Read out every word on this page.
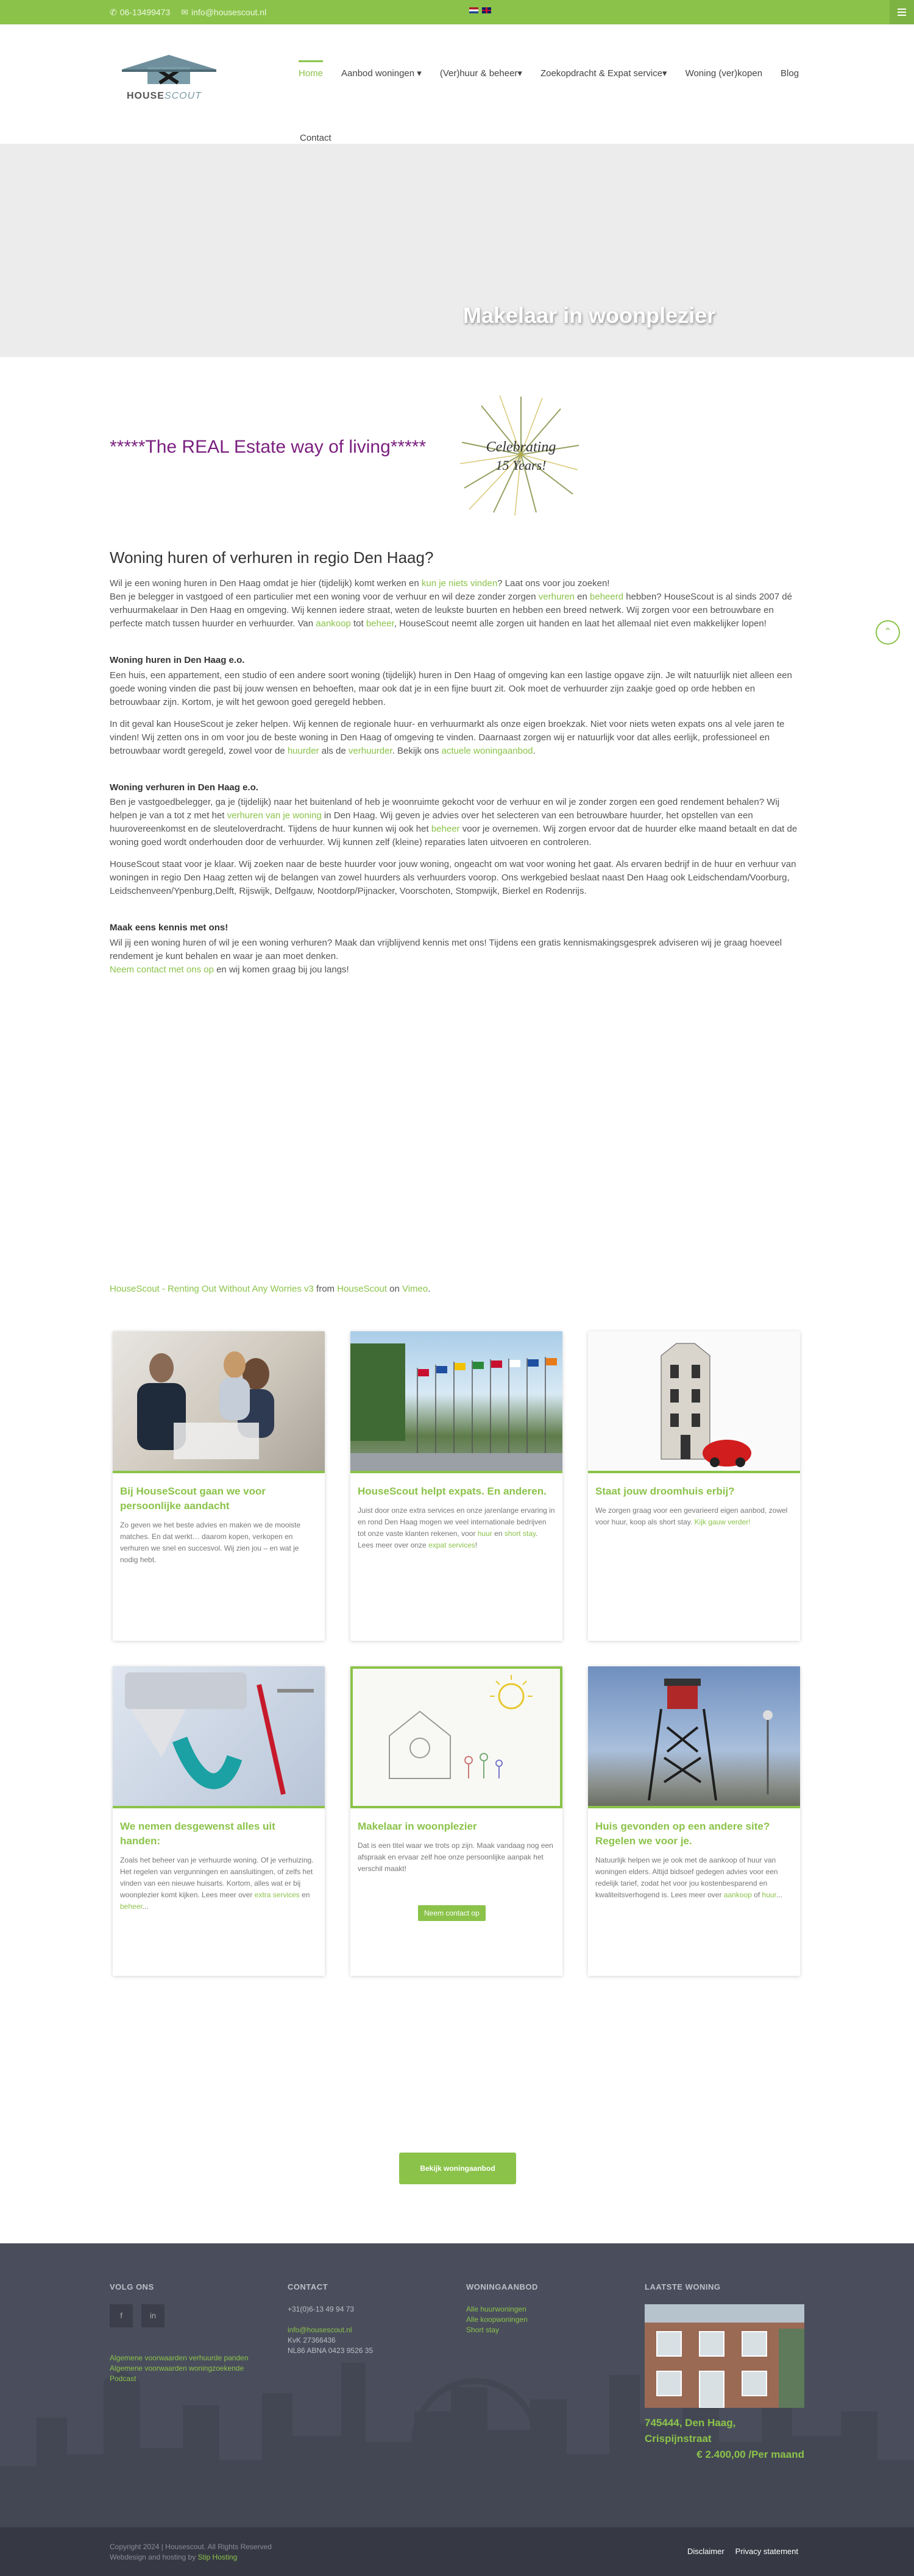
✆ 06-13499473 ✉ info@housescout.nl
HOUSESCOUT
Home Aanbod woningen ▾ (Ver)huur & beheer▾ Zoekopdracht & Expat service▾ Woning (ver)kopen Blog
Contact
Makelaar in woonplezier
*****The REAL Estate way of living*****	Celebrating
15 Years!
Woning huren of verhuren in regio Den Haag?

Wil je een woning huren in Den Haag omdat je hier (tijdelijk) komt werken en kun je niets vinden? Laat ons voor jou zoeken!
Ben je belegger in vastgoed of een particulier met een woning voor de verhuur en wil deze zonder zorgen verhuren en beheerd hebben? HouseScout is al sinds 2007 dé verhuurmakelaar in Den Haag en omgeving. Wij kennen iedere straat, weten de leukste buurten en hebben een breed netwerk. Wij zorgen voor een betrouwbare en perfecte match tussen huurder en verhuurder. Van aankoop tot beheer, HouseScout neemt alle zorgen uit handen en laat het allemaal niet even makkelijker lopen!

Woning huren in Den Haag e.o.

Een huis, een appartement, een studio of een andere soort woning (tijdelijk) huren in Den Haag of omgeving kan een lastige opgave zijn. Je wilt natuurlijk niet alleen een goede woning vinden die past bij jouw wensen en behoeften, maar ook dat je in een fijne buurt zit. Ook moet de verhuurder zijn zaakje goed op orde hebben en betrouwbaar zijn. Kortom, je wilt het gewoon goed geregeld hebben.

In dit geval kan HouseScout je zeker helpen. Wij kennen de regionale huur- en verhuurmarkt als onze eigen broekzak. Niet voor niets weten expats ons al vele jaren te vinden! Wij zetten ons in om voor jou de beste woning in Den Haag of omgeving te vinden. Daarnaast zorgen wij er natuurlijk voor dat alles eerlijk, professioneel en betrouwbaar wordt geregeld, zowel voor de huurder als de verhuurder. Bekijk ons actuele woningaanbod.

Woning verhuren in Den Haag e.o.

Ben je vastgoedbelegger, ga je (tijdelijk) naar het buitenland of heb je woonruimte gekocht voor de verhuur en wil je zonder zorgen een goed rendement behalen? Wij helpen je van a tot z met het verhuren van je woning in Den Haag. Wij geven je advies over het selecteren van een betrouwbare huurder, het opstellen van een huurovereenkomst en de sleuteloverdracht. Tijdens de huur kunnen wij ook het beheer voor je overnemen. Wij zorgen ervoor dat de huurder elke maand betaalt en dat de woning goed wordt onderhouden door de verhuurder. Wij kunnen zelf (kleine) reparaties laten uitvoeren en controleren.

HouseScout staat voor je klaar. Wij zoeken naar de beste huurder voor jouw woning, ongeacht om wat voor woning het gaat. Als ervaren bedrijf in de huur en verhuur van woningen in regio Den Haag zetten wij de belangen van zowel huurders als verhuurders voorop. Ons werkgebied beslaat naast Den Haag ook Leidschendam/Voorburg, Leidschenveen/Ypenburg,Delft, Rijswijk, Delfgauw, Nootdorp/Pijnacker, Voorschoten, Stompwijk, Bierkel en Rodenrijs.

Maak eens kennis met ons!

Wil jij een woning huren of wil je een woning verhuren? Maak dan vrijblijvend kennis met ons! Tijdens een gratis kennismakingsgesprek adviseren wij je graag hoeveel rendement je kunt behalen en waar je aan moet denken.
Neem contact met ons op en wij komen graag bij jou langs!

⌃
HouseScout - Renting Out Without Any Worries v3 from HouseScout on Vimeo.
Bij HouseScout gaan we voor persoonlijke aandacht

Zo geven we het beste advies en maken we de mooiste matches. En dat werkt… daarom kopen, verkopen en verhuren we snel en succesvol. Wij zien jou – en wat je nodig hebt.

HouseScout helpt expats. En anderen.

Juist door onze extra services en onze jarenlange ervaring in en rond Den Haag mogen we veel internationale bedrijven tot onze vaste klanten rekenen, voor huur en short stay. Lees meer over onze expat services!

Staat jouw droomhuis erbij?

We zorgen graag voor een gevarieerd eigen aanbod, zowel voor huur, koop als short stay. Kijk gauw verder!

We nemen desgewenst alles uit handen:

Zoals het beheer van je verhuurde woning. Of je verhuizing. Het regelen van vergunningen en aansluitingen, of zelfs het vinden van een nieuwe huisarts. Kortom, alles wat er bij woonplezier komt kijken. Lees meer over extra services en beheer...

Makelaar in woonplezier

Dat is een titel waar we trots op zijn. Maak vandaag nog een afspraak en ervaar zelf hoe onze persoonlijke aanpak het verschil maakt!

Neem contact op
Huis gevonden op een andere site? Regelen we voor je.

Natuurlijk helpen we je ook met de aankoop of huur van woningen elders. Altijd bidsoef gedegen advies voor een redelijk tarief, zodat het voor jou kostenbesparend en kwaliteitsverhogend is. Lees meer over aankoop of huur...

Bekijk woningaanbod
VOLG ONS
f	in
Algemene voorwaarden verhuurde panden
Algemene voorwaarden woningzoekende
Podcast
CONTACT

+31(0)6-13 49 94 73

info@housescout.nl

KvK 27366436

NL86 ABNA 0423 9526 35

WONINGAANBOD
Alle huurwoningen
Alle koopwoningen
Short stay
LAATSTE WONING

745444, Den Haag,

Crispijnstraat

€ 2.400,00 /Per maand

Copyright 2024 | Housescout. All Rights Reserved
Webdesign and hosting by Stip Hosting
Disclaimer Privacy statement
